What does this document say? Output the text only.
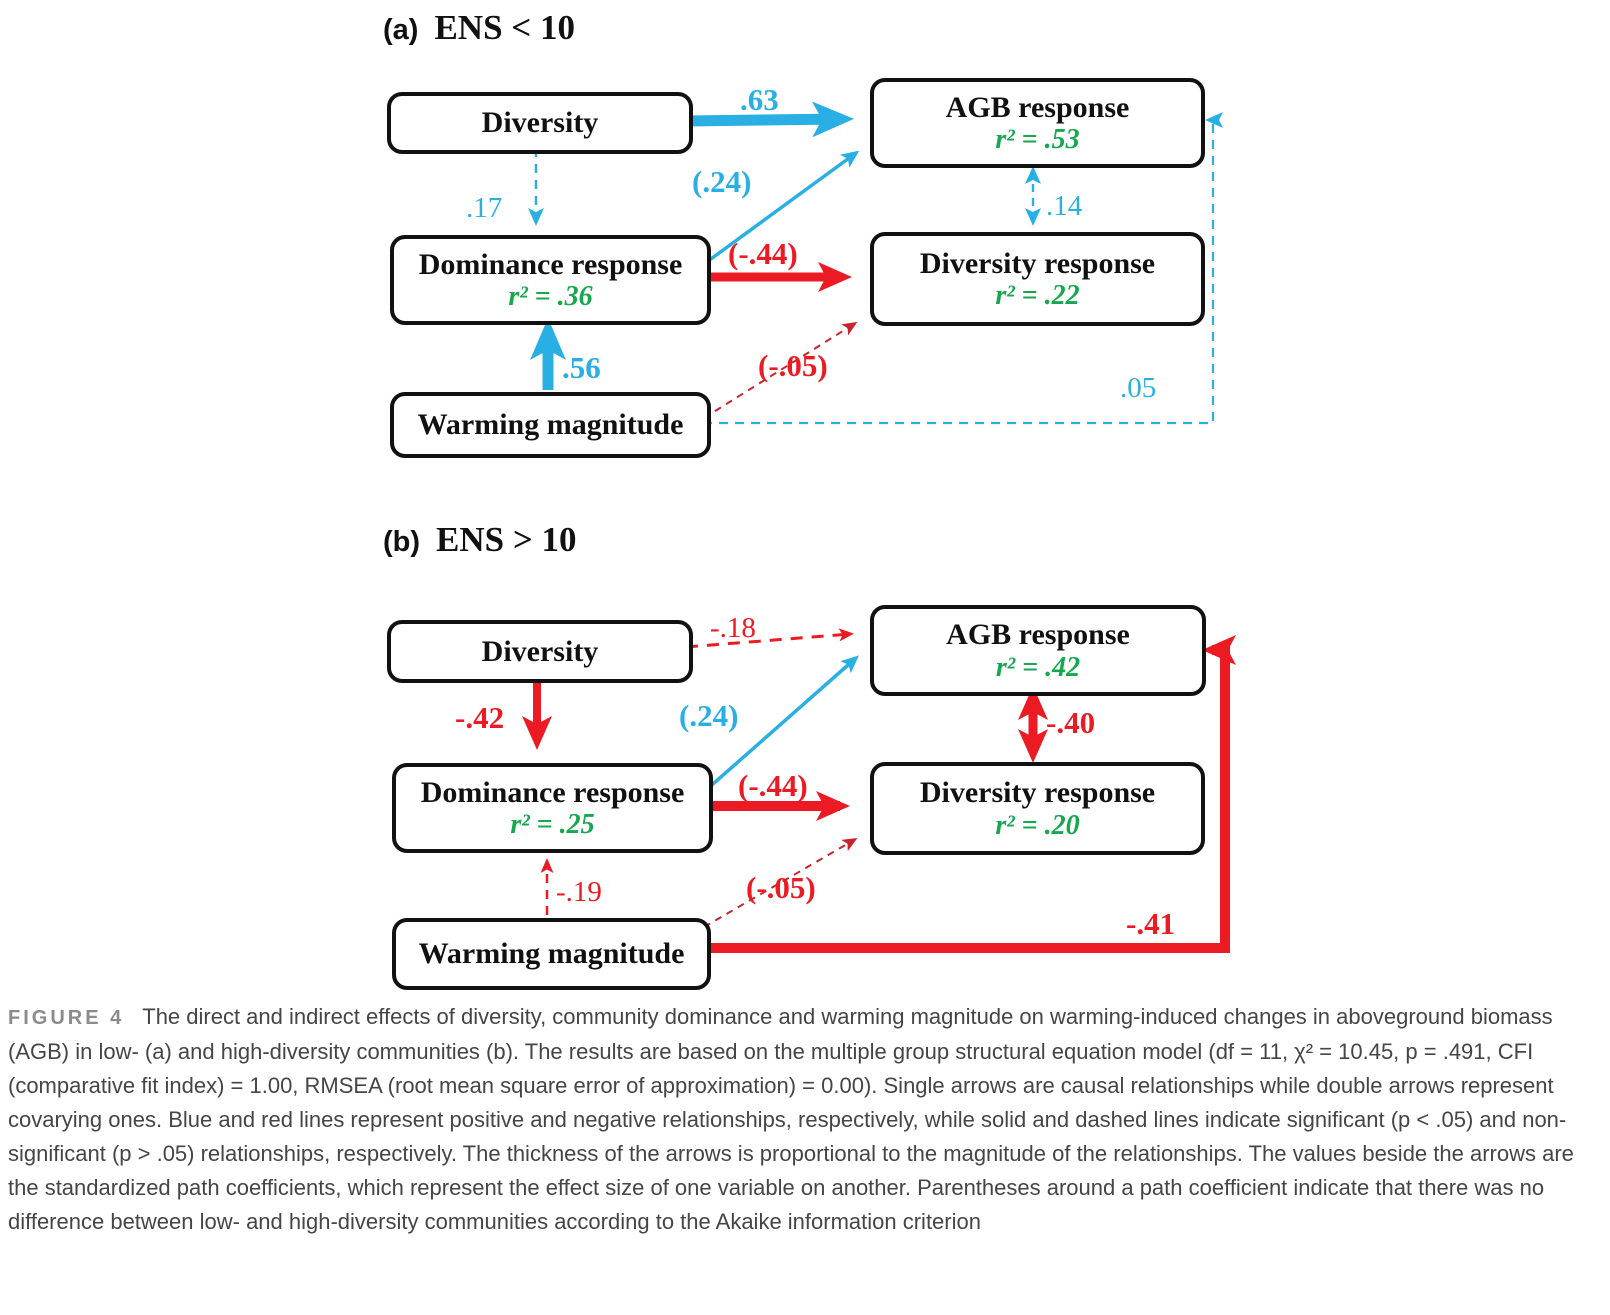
(a) ENS < 10
Diversity	AGB response
r² = .53
Dominance response
r² = .36
Diversity response
r² = .22
Warming magnitude
.63
.17
(.24)
(-.44)
.56	(-.05)
.05
.14
(b) ENS > 10
Diversity
AGB response
r² = .42
Dominance response
r² = .25
Diversity response
r² = .20
Warming magnitude
-.18
-.42	(.24)
(-.44)
-.19	(-.05)
-.41
-.40

FIGURE 4 The direct and indirect effects of diversity, community dominance and warming magnitude on warming-induced changes in aboveground biomass (AGB) in low- (a) and high-diversity communities (b). The results are based on the multiple group structural equation model (df = 11, χ² = 10.45, p = .491, CFI (comparative fit index) = 1.00, RMSEA (root mean square error of approximation) = 0.00). Single arrows are causal relationships while double arrows represent covarying ones. Blue and red lines represent positive and negative relationships, respectively, while solid and dashed lines indicate significant (p < .05) and non-significant (p > .05) relationships, respectively. The thickness of the arrows is proportional to the magnitude of the relationships. The values beside the arrows are the standardized path coefficients, which represent the effect size of one variable on another. Parentheses around a path coefficient indicate that there was no difference between low- and high-diversity communities according to the Akaike information criterion
